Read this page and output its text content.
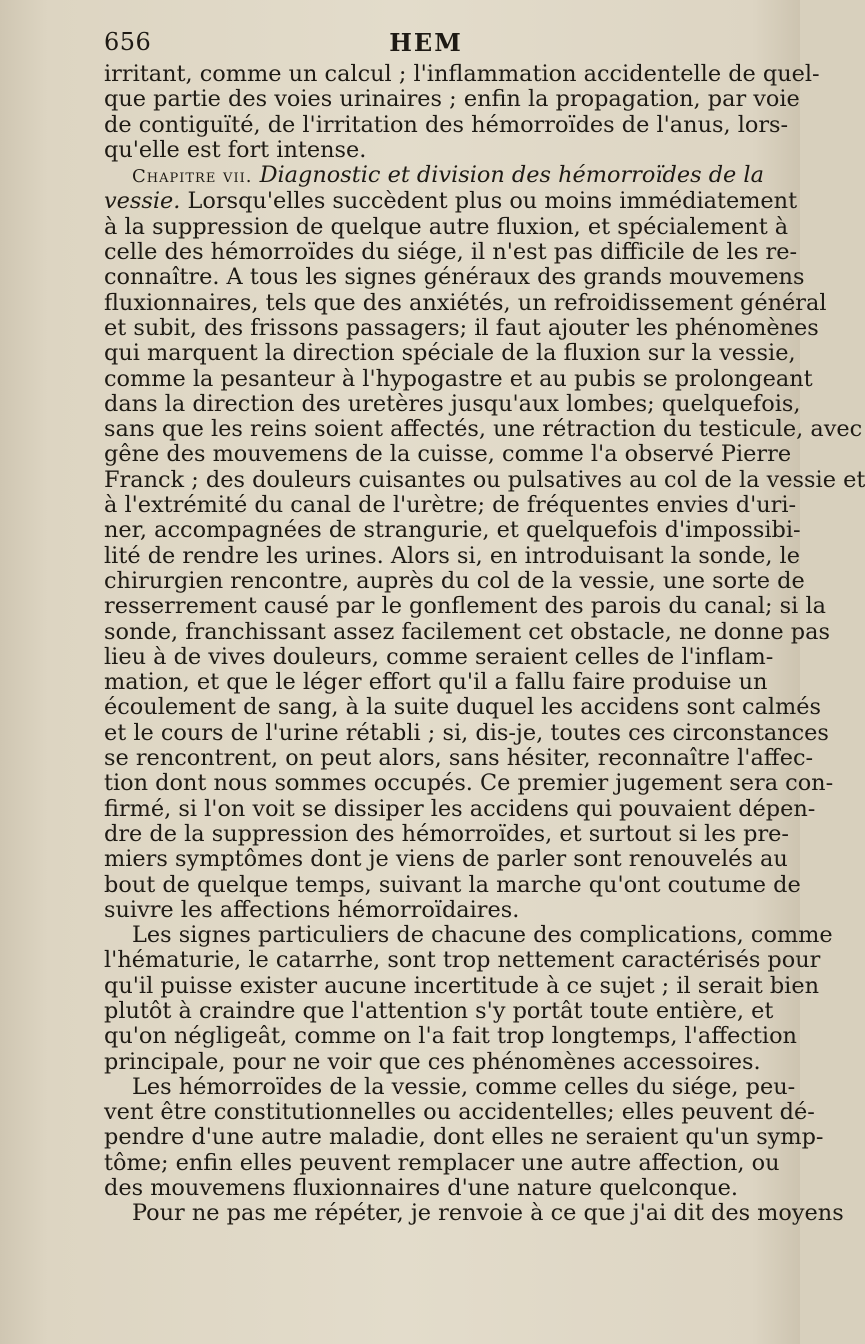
656	HEM
irritant, comme un calcul ; l'inflammation accidentelle de quel-
que partie des voies urinaires ; enfin la propagation, par voie
de contiguïté, de l'irritation des hémorroïdes de l'anus, lors-
qu'elle est fort intense.
Chapitre vii. Diagnostic et division des hémorroïdes de la
vessie. Lorsqu'elles succèdent plus ou moins immédiatement
à la suppression de quelque autre fluxion, et spécialement à
celle des hémorroïdes du siége, il n'est pas difficile de les re-
connaître. A tous les signes généraux des grands mouvemens
fluxionnaires, tels que des anxiétés, un refroidissement général
et subit, des frissons passagers; il faut ajouter les phénomènes
qui marquent la direction spéciale de la fluxion sur la vessie,
comme la pesanteur à l'hypogastre et au pubis se prolongeant
dans la direction des uretères jusqu'aux lombes; quelquefois,
sans que les reins soient affectés, une rétraction du testicule, avec
gêne des mouvemens de la cuisse, comme l'a observé Pierre
Franck ; des douleurs cuisantes ou pulsatives au col de la vessie et
à l'extrémité du canal de l'urètre; de fréquentes envies d'uri-
ner, accompagnées de strangurie, et quelquefois d'impossibi-
lité de rendre les urines. Alors si, en introduisant la sonde, le
chirurgien rencontre, auprès du col de la vessie, une sorte de
resserrement causé par le gonflement des parois du canal; si la
sonde, franchissant assez facilement cet obstacle, ne donne pas
lieu à de vives douleurs, comme seraient celles de l'inflam-
mation, et que le léger effort qu'il a fallu faire produise un
écoulement de sang, à la suite duquel les accidens sont calmés
et le cours de l'urine rétabli ; si, dis-je, toutes ces circonstances
se rencontrent, on peut alors, sans hésiter, reconnaître l'affec-
tion dont nous sommes occupés. Ce premier jugement sera con-
firmé, si l'on voit se dissiper les accidens qui pouvaient dépen-
dre de la suppression des hémorroïdes, et surtout si les pre-
miers symptômes dont je viens de parler sont renouvelés au
bout de quelque temps, suivant la marche qu'ont coutume de
suivre les affections hémorroïdaires.
Les signes particuliers de chacune des complications, comme
l'hématurie, le catarrhe, sont trop nettement caractérisés pour
qu'il puisse exister aucune incertitude à ce sujet ; il serait bien
plutôt à craindre que l'attention s'y portât toute entière, et
qu'on négligeât, comme on l'a fait trop longtemps, l'affection
principale, pour ne voir que ces phénomènes accessoires.
Les hémorroïdes de la vessie, comme celles du siége, peu-
vent être constitutionnelles ou accidentelles; elles peuvent dé-
pendre d'une autre maladie, dont elles ne seraient qu'un symp-
tôme; enfin elles peuvent remplacer une autre affection, ou
des mouvemens fluxionnaires d'une nature quelconque.
Pour ne pas me répéter, je renvoie à ce que j'ai dit des moyens
